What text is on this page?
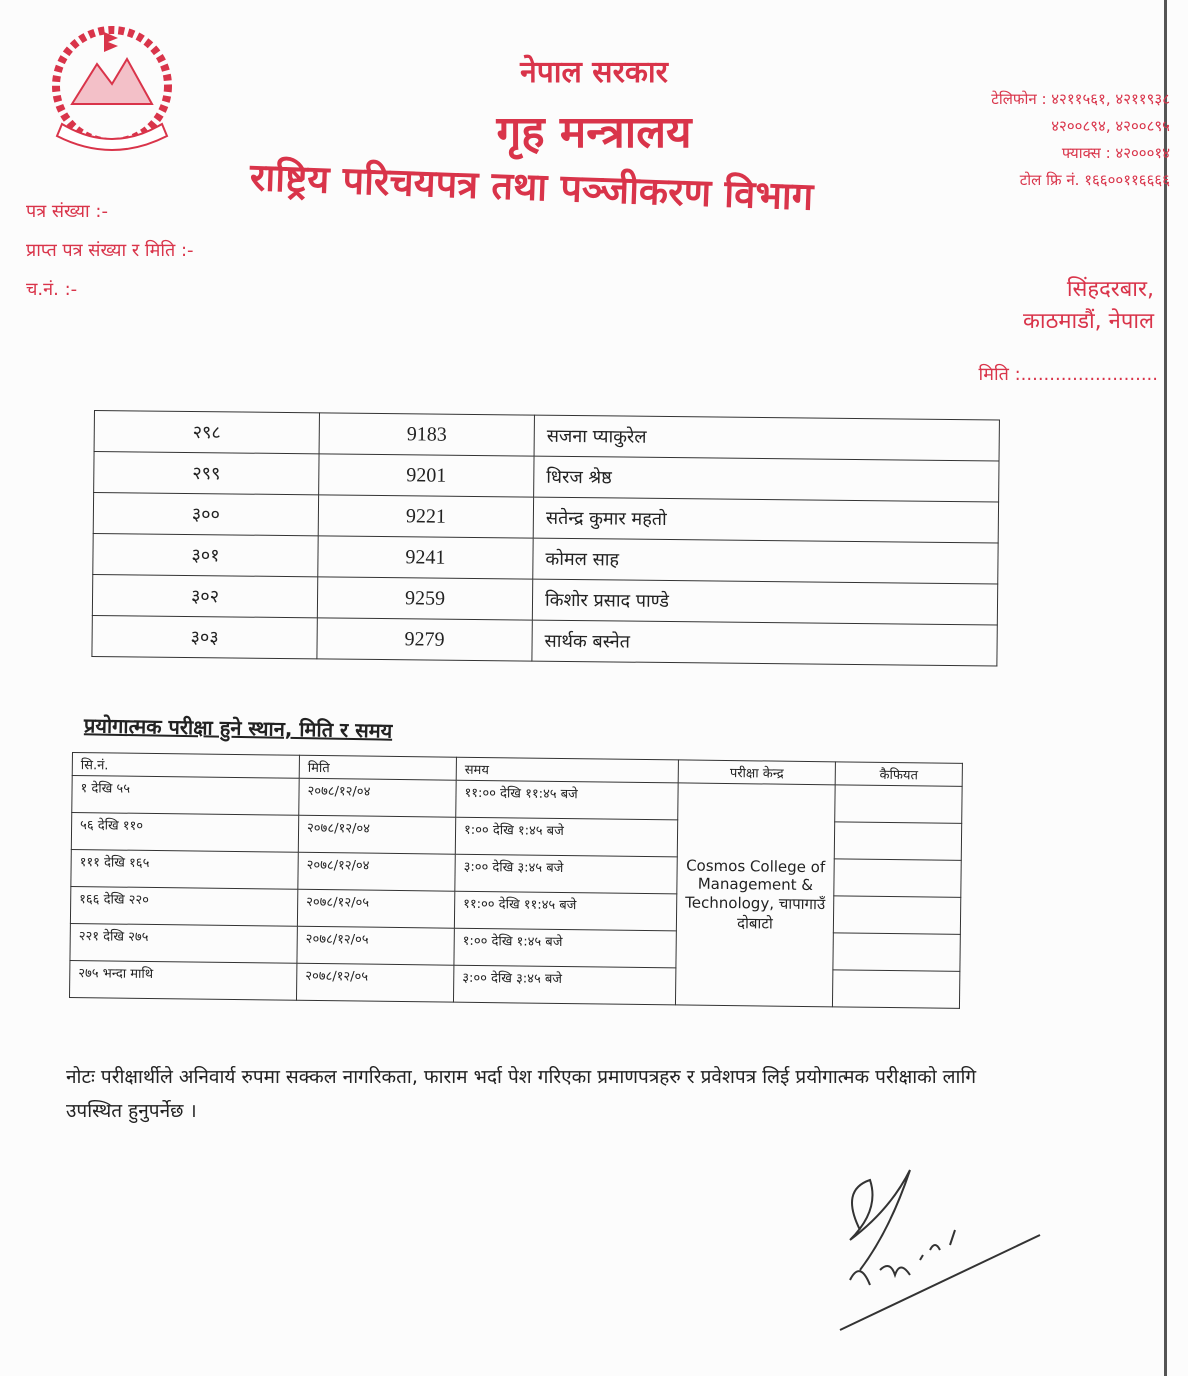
नेपाल सरकार
गृह मन्त्रालय
राष्ट्रिय परिचयपत्र तथा पञ्जीकरण विभाग
टेलिफोन : ४२११५६१, ४२११९३८
४२००८९४, ४२००८९५
फ्याक्स : ४२०००१४
टोल फ्रि नं. १६६००११६६६६
पत्र संख्या :-
प्राप्त पत्र संख्या र मिति :-
च.नं. :-	सिंहदरबार,
काठमाडौं, नेपाल
मिति :........................
२९८	9183	सजना प्याकुरेल
२९९	9201	धिरज श्रेष्ठ
३००	9221	सतेन्द्र कुमार महतो
३०१	9241	कोमल साह
३०२	9259	किशोर प्रसाद पाण्डे
३०३	9279	सार्थक बस्नेत
प्रयोगात्मक परीक्षा हुने स्थान, मिति र समय
सि.नं.	मिति	समय	परीक्षा केन्द्र	कैफियत
१ देखि ५५	२०७८/१२/०४	११:०० देखि ११:४५ बजे	Cosmos College of Management & Technology, चापागाउँ दोबाटो	
५६ देखि ११०	२०७८/१२/०४	१:०० देखि १:४५ बजे		
१११ देखि १६५	२०७८/१२/०४	३:०० देखि ३:४५ बजे		
१६६ देखि २२०	२०७८/१२/०५	११:०० देखि ११:४५ बजे		
२२१ देखि २७५	२०७८/१२/०५	१:०० देखि १:४५ बजे		
२७५ भन्दा माथि	२०७८/१२/०५	३:०० देखि ३:४५ बजे		
नोटः परीक्षार्थीले अनिवार्य रुपमा सक्कल नागरिकता, फाराम भर्दा पेश गरिएका प्रमाणपत्रहरु र प्रवेशपत्र लिई प्रयोगात्मक परीक्षाको लागि उपस्थित हुनुपर्नेछ ।
